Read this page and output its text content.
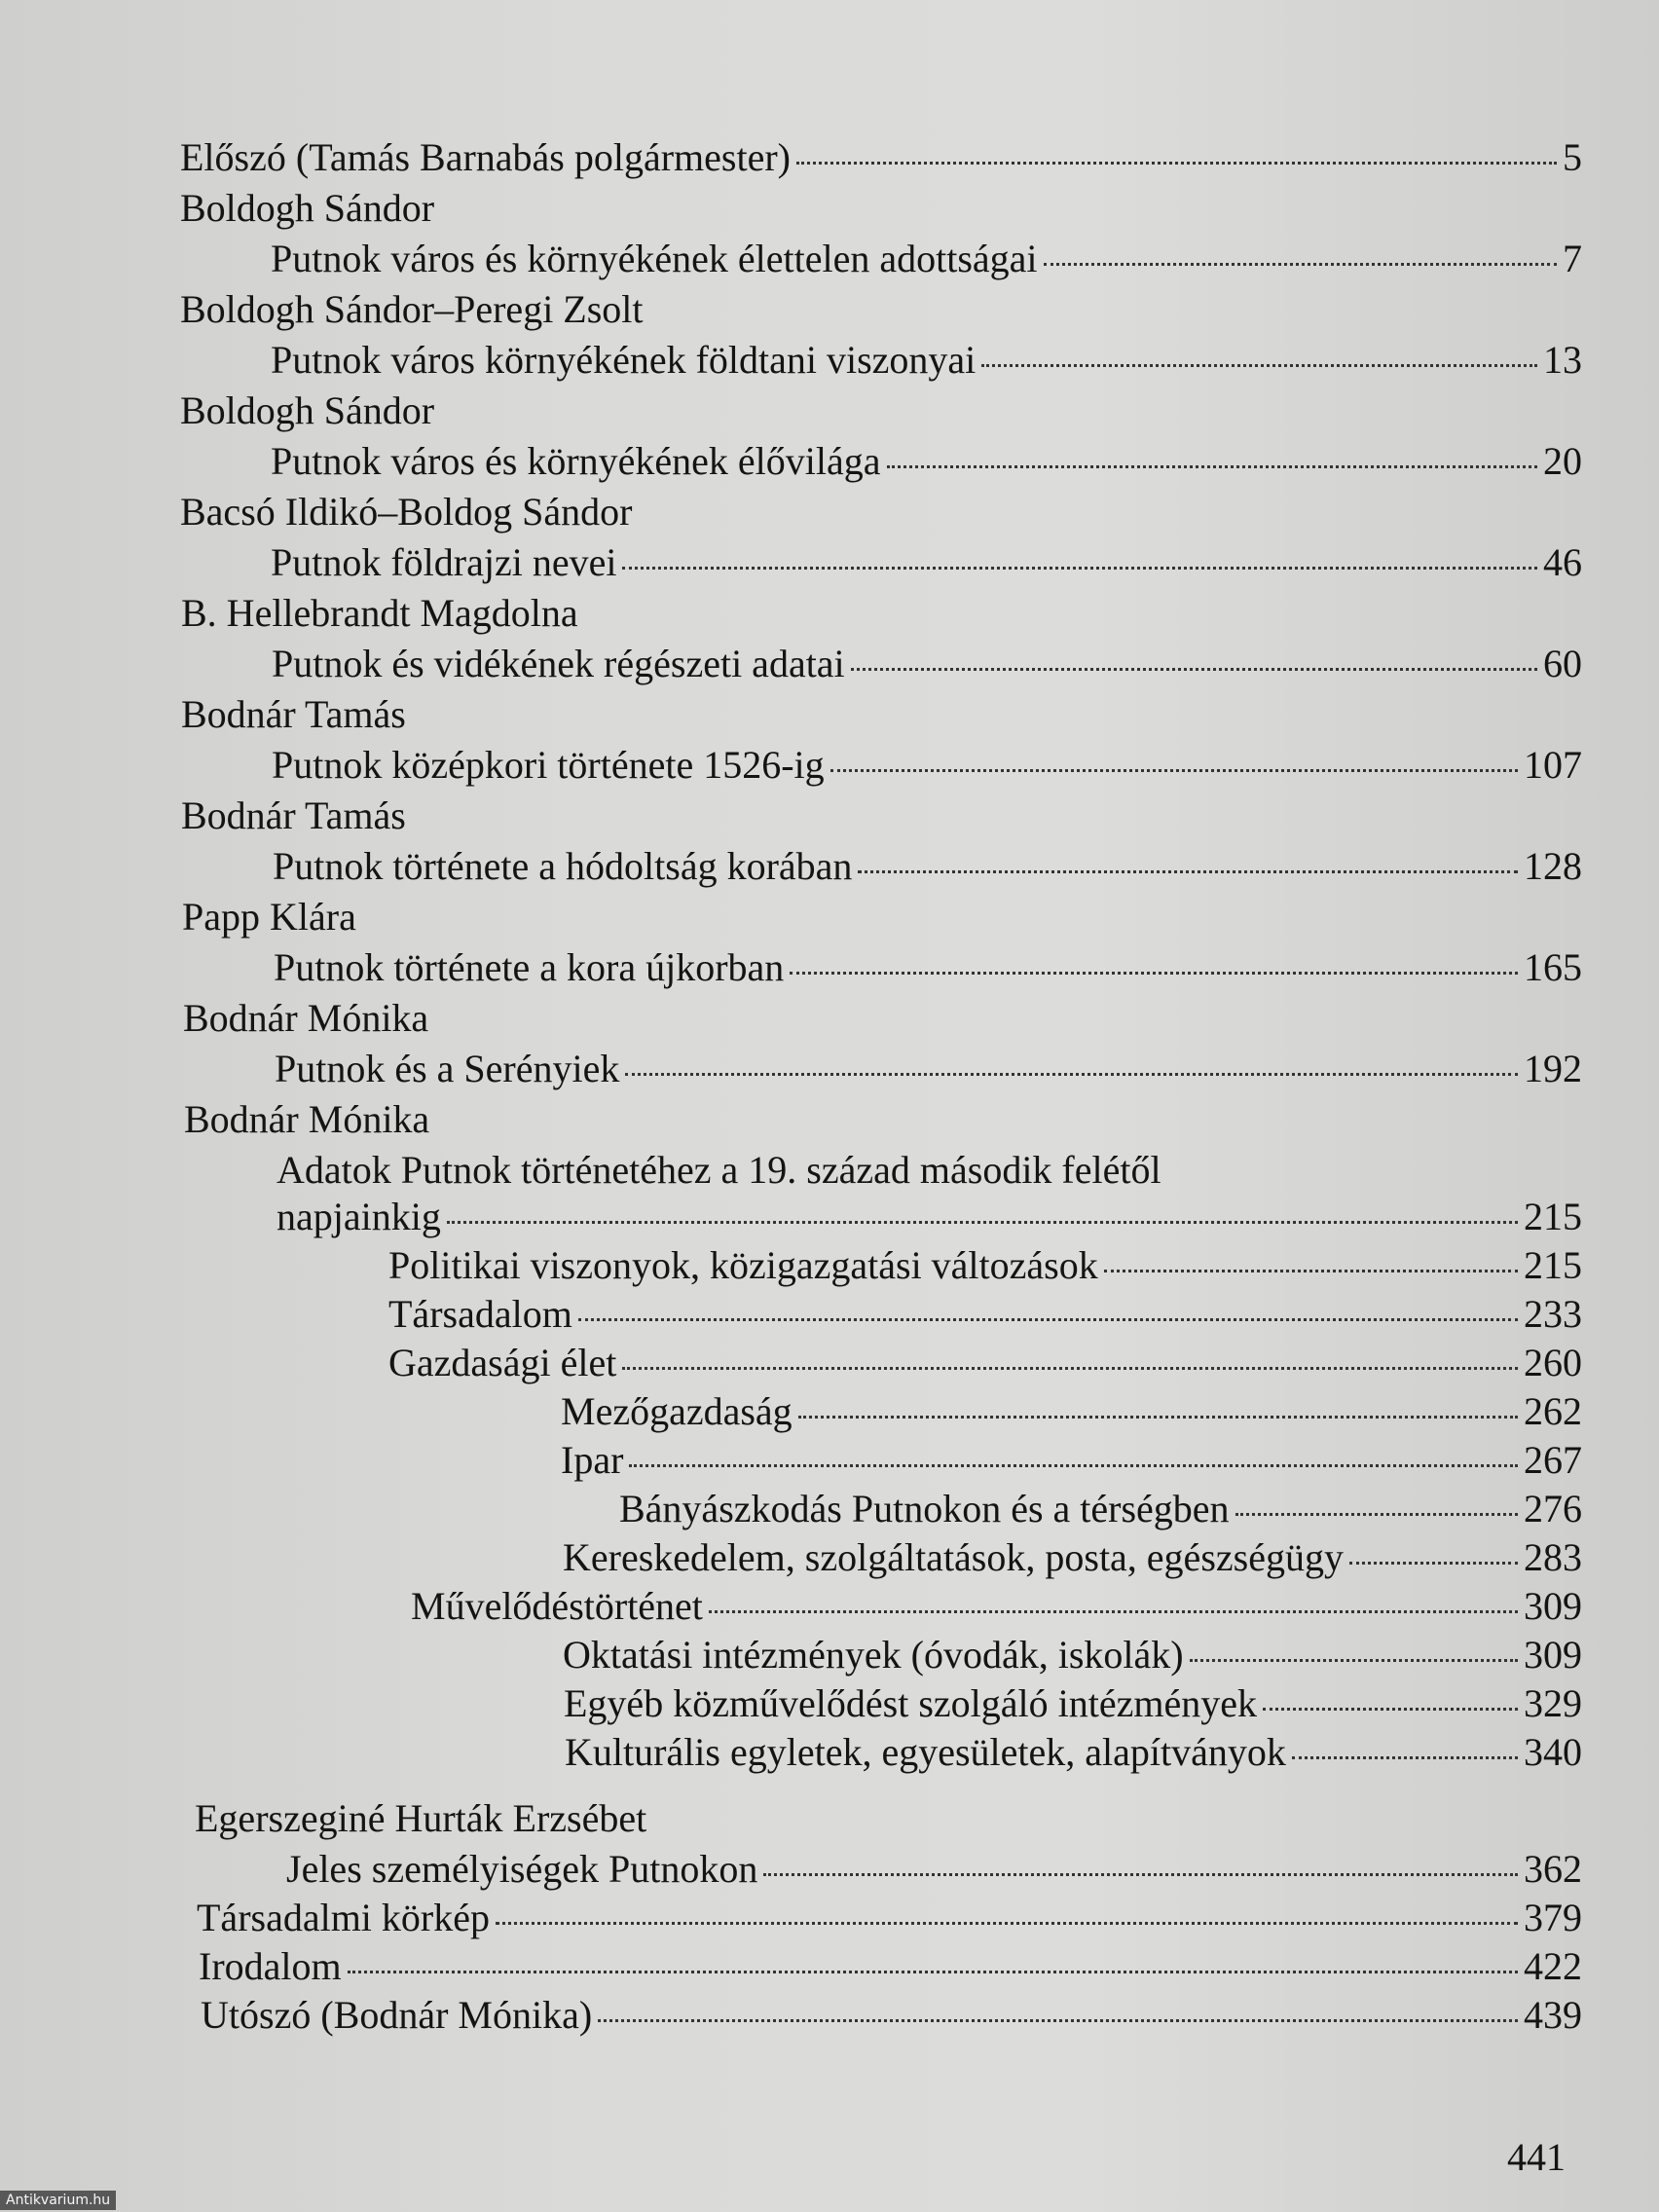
Előszó (Tamás Barnabás polgármester)	5
Boldogh Sándor
Putnok város és környékének élettelen adottságai	7
Boldogh Sándor–Peregi Zsolt
Putnok város környékének földtani viszonyai	13
Boldogh Sándor
Putnok város és környékének élővilága	20
Bacsó Ildikó–Boldog Sándor
Putnok földrajzi nevei	46
B. Hellebrandt Magdolna
Putnok és vidékének régészeti adatai	60
Bodnár Tamás
Putnok középkori története 1526-ig	107
Bodnár Tamás
Putnok története a hódoltság korában	128
Papp Klára
Putnok története a kora újkorban	165
Bodnár Mónika
Putnok és a Serényiek	192
Bodnár Mónika
Adatok Putnok történetéhez a 19. század második felétől
napjainkig	215
Politikai viszonyok, közigazgatási változások	215
Társadalom	233
Gazdasági élet	260
Mezőgazdaság	262
Ipar	267
Bányászkodás Putnokon és a térségben	276
Kereskedelem, szolgáltatások, posta, egészségügy	283
Művelődéstörténet	309
Oktatási intézmények (óvodák, iskolák)	309
Egyéb közművelődést szolgáló intézmények	329
Kulturális egyletek, egyesületek, alapítványok	340
Egerszeginé Hurták Erzsébet
Jeles személyiségek Putnokon	362
Társadalmi körkép	379
Irodalom	422
Utószó (Bodnár Mónika)	439
441
Antikvarium.hu
